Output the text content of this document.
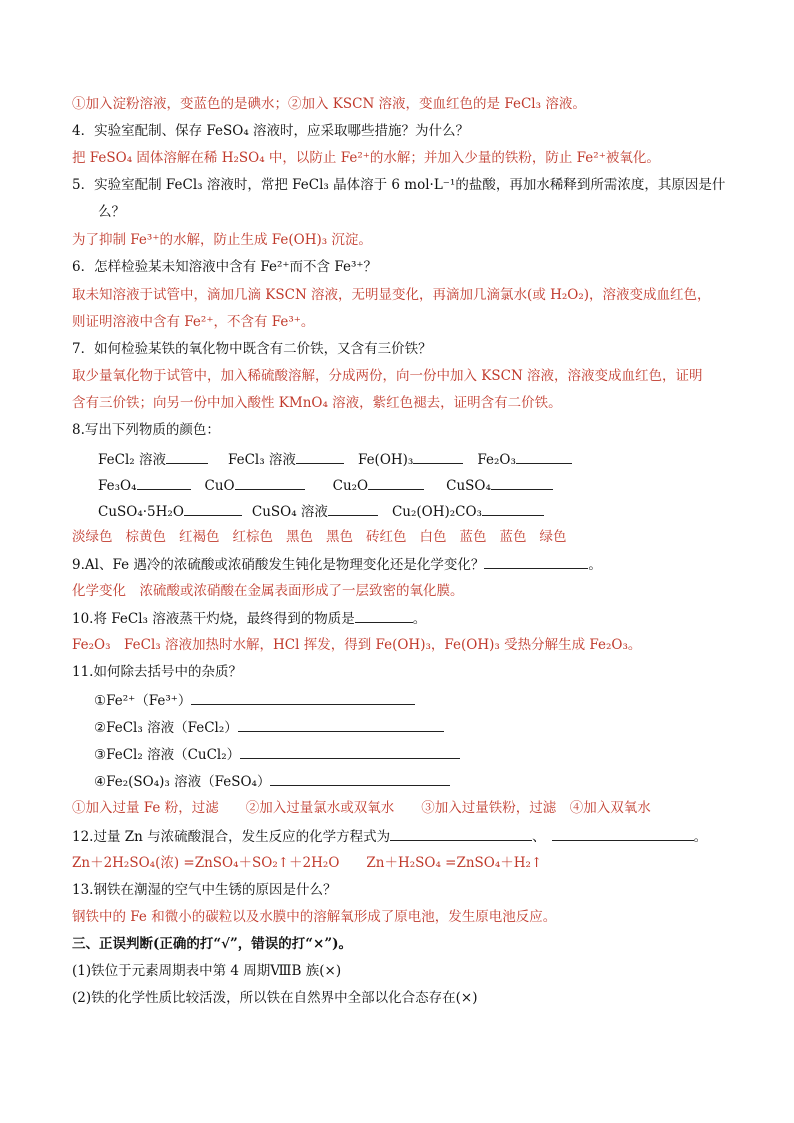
①加入淀粉溶液，变蓝色的是碘水；②加入 KSCN 溶液，变血红色的是 FeCl₃ 溶液。
4．实验室配制、保存 FeSO₄ 溶液时，应采取哪些措施？为什么？
把 FeSO₄ 固体溶解在稀 H₂SO₄ 中，以防止 Fe²⁺的水解；并加入少量的铁粉，防止 Fe²⁺被氧化。
5．实验室配制 FeCl₃ 溶液时，常把 FeCl₃ 晶体溶于 6 mol·L⁻¹的盐酸，再加水稀释到所需浓度，其原因是什
么？
为了抑制 Fe³⁺的水解，防止生成 Fe(OH)₃ 沉淀。
6．怎样检验某未知溶液中含有 Fe²⁺而不含 Fe³⁺？
取未知溶液于试管中，滴加几滴 KSCN 溶液，无明显变化，再滴加几滴氯水(或 H₂O₂)，溶液变成血红色，
则证明溶液中含有 Fe²⁺，不含有 Fe³⁺。
7．如何检验某铁的氧化物中既含有二价铁，又含有三价铁？
取少量氧化物于试管中，加入稀硫酸溶解，分成两份，向一份中加入 KSCN 溶液，溶液变成血红色，证明
含有三价铁；向另一份中加入酸性 KMnO₄ 溶液，紫红色褪去，证明含有二价铁。
8.写出下列物质的颜色：
FeCl₂ 溶液	FeCl₃ 溶液	Fe(OH)₃	Fe₂O₃
Fe₃O₄	CuO	Cu₂O	CuSO₄
CuSO₄·5H₂O	CuSO₄ 溶液	Cu₂(OH)₂CO₃
淡绿色 棕黄色 红褐色 红棕色 黑色 黑色 砖红色 白色 蓝色 蓝色 绿色
9.Al、Fe 遇冷的浓硫酸或浓硝酸发生钝化是物理变化还是化学变化？	。
化学变化　浓硫酸或浓硝酸在金属表面形成了一层致密的氧化膜。
10.将 FeCl₃ 溶液蒸干灼烧，最终得到的物质是	。
Fe₂O₃　FeCl₃ 溶液加热时水解，HCl 挥发，得到 Fe(OH)₃，Fe(OH)₃ 受热分解生成 Fe₂O₃。
11.如何除去括号中的杂质？
①Fe²⁺（Fe³⁺）
②FeCl₃ 溶液（FeCl₂）
③FeCl₂ 溶液（CuCl₂）
④Fe₂(SO₄)₃ 溶液（FeSO₄）
①加入过量 Fe 粉，过滤　　②加入过量氯水或双氧水　　③加入过量铁粉，过滤　④加入双氧水
12.过量 Zn 与浓硫酸混合，发生反应的化学方程式为	、	。
Zn＋2H₂SO₄(浓) =ZnSO₄＋SO₂↑＋2H₂O　　Zn＋H₂SO₄ =ZnSO₄＋H₂↑
13.钢铁在潮湿的空气中生锈的原因是什么？
钢铁中的 Fe 和微小的碳粒以及水膜中的溶解氧形成了原电池，发生原电池反应。
三、正误判断(正确的打“√”，错误的打“×”)。
(1)铁位于元素周期表中第 4 周期ⅧB 族(×)
(2)铁的化学性质比较活泼，所以铁在自然界中全部以化合态存在(×)
